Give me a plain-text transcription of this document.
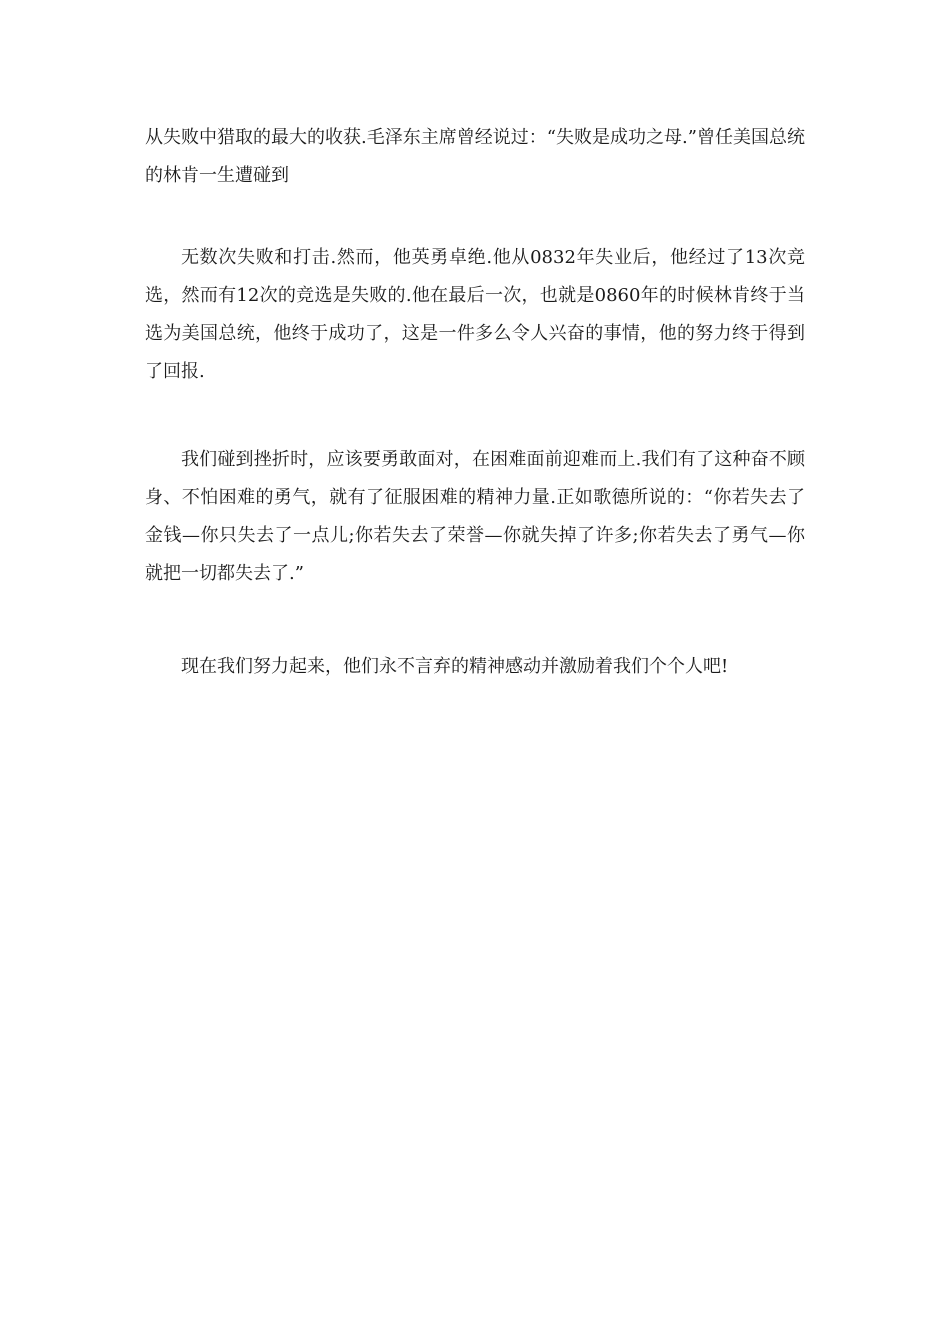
从失败中猎取的最大的收获.毛泽东主席曾经说过：“失败是成功之母.”曾任美国总统的林肯一生遭碰到

无数次失败和打击.然而，他英勇卓绝.他从0832年失业后，他经过了13次竞选，然而有12次的竞选是失败的.他在最后一次，也就是0860年的时候林肯终于当选为美国总统，他终于成功了，这是一件多么令人兴奋的事情，他的努力终于得到了回报.

我们碰到挫折时，应该要勇敢面对，在困难面前迎难而上.我们有了这种奋不顾身、不怕困难的勇气，就有了征服困难的精神力量.正如歌德所说的：“你若失去了金钱—你只失去了一点儿;你若失去了荣誉—你就失掉了许多;你若失去了勇气—你就把一切都失去了.”

现在我们努力起来，他们永不言弃的精神感动并激励着我们个个人吧!
